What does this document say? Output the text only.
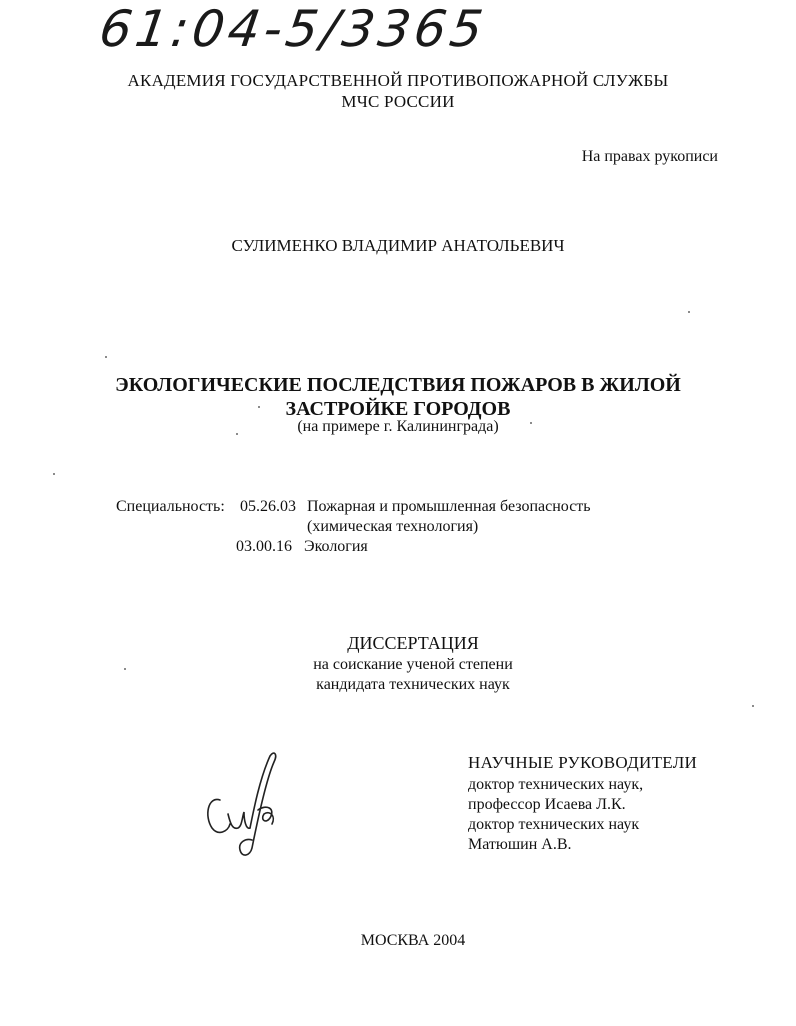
61:04-5/3365
АКАДЕМИЯ ГОСУДАРСТВЕННОЙ ПРОТИВОПОЖАРНОЙ СЛУЖБЫ
МЧС РОССИИ
На правах рукописи
СУЛИМЕНКО ВЛАДИМИР АНАТОЛЬЕВИЧ
ЭКОЛОГИЧЕСКИЕ ПОСЛЕДСТВИЯ ПОЖАРОВ В ЖИЛОЙ
ЗАСТРОЙКЕ ГОРОДОВ
(на примере г. Калининграда)
Специальность: 05.26.03 Пожарная и промышленная безопасность
(химическая технология)
03.00.16 Экология
ДИССЕРТАЦИЯ
на соискание ученой степени
кандидата технических наук
НАУЧНЫЕ РУКОВОДИТЕЛИ
доктор технических наук,
профессор Исаева Л.К.
доктор технических наук
Матюшин А.В.
МОСКВА 2004
